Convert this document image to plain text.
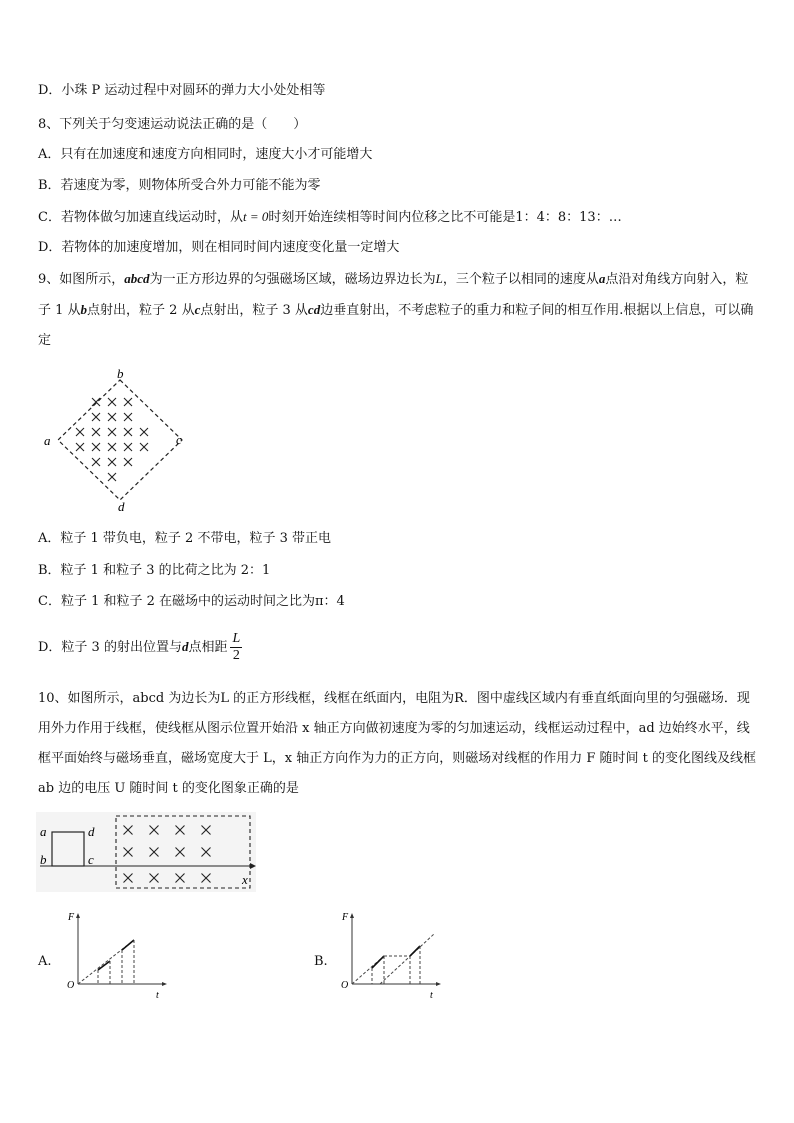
D．小珠 P 运动过程中对圆环的弹力大小处处相等
8、下列关于匀变速运动说法正确的是（　　）
A．只有在加速度和速度方向相同时，速度大小才可能增大
B．若速度为零，则物体所受合外力可能不能为零
C．若物体做匀加速直线运动时，从t = 0时刻开始连续相等时间内位移之比不可能是1：4：8：13：…
D．若物体的加速度增加，则在相同时间内速度变化量一定增大
9、如图所示，abcd为一正方形边界的匀强磁场区域，磁场边界边长为L，三个粒子以相同的速度从a点沿对角线方向射入，粒子 1 从b点射出，粒子 2 从c点射出，粒子 3 从cd边垂直射出，不考虑粒子的重力和粒子间的相互作用.根据以上信息，可以确定
b
a	c
d
A．粒子 1 带负电，粒子 2 不带电，粒子 3 带正电
B．粒子 1 和粒子 3 的比荷之比为 2：1
C．粒子 1 和粒子 2 在磁场中的运动时间之比为π：4
D．粒子 3 的射出位置与d点相距 $\frac{L}{2}$
10、如图所示，abcd 为边长为L 的正方形线框，线框在纸面内，电阻为R．图中虚线区域内有垂直纸面向里的匀强磁场．现用外力作用于线框，使线框从图示位置开始沿 x 轴正方向做初速度为零的匀加速运动，线框运动过程中，ad 边始终水平，线框平面始终与磁场垂直，磁场宽度大于 L，x 轴正方向作为力的正方向，则磁场对线框的作用力 F 随时间 t 的变化图线及线框 ab 边的电压 U 随时间 t 的变化图象正确的是
a
b
d
c
x
A.
F
O
t
B.
F
O
t
